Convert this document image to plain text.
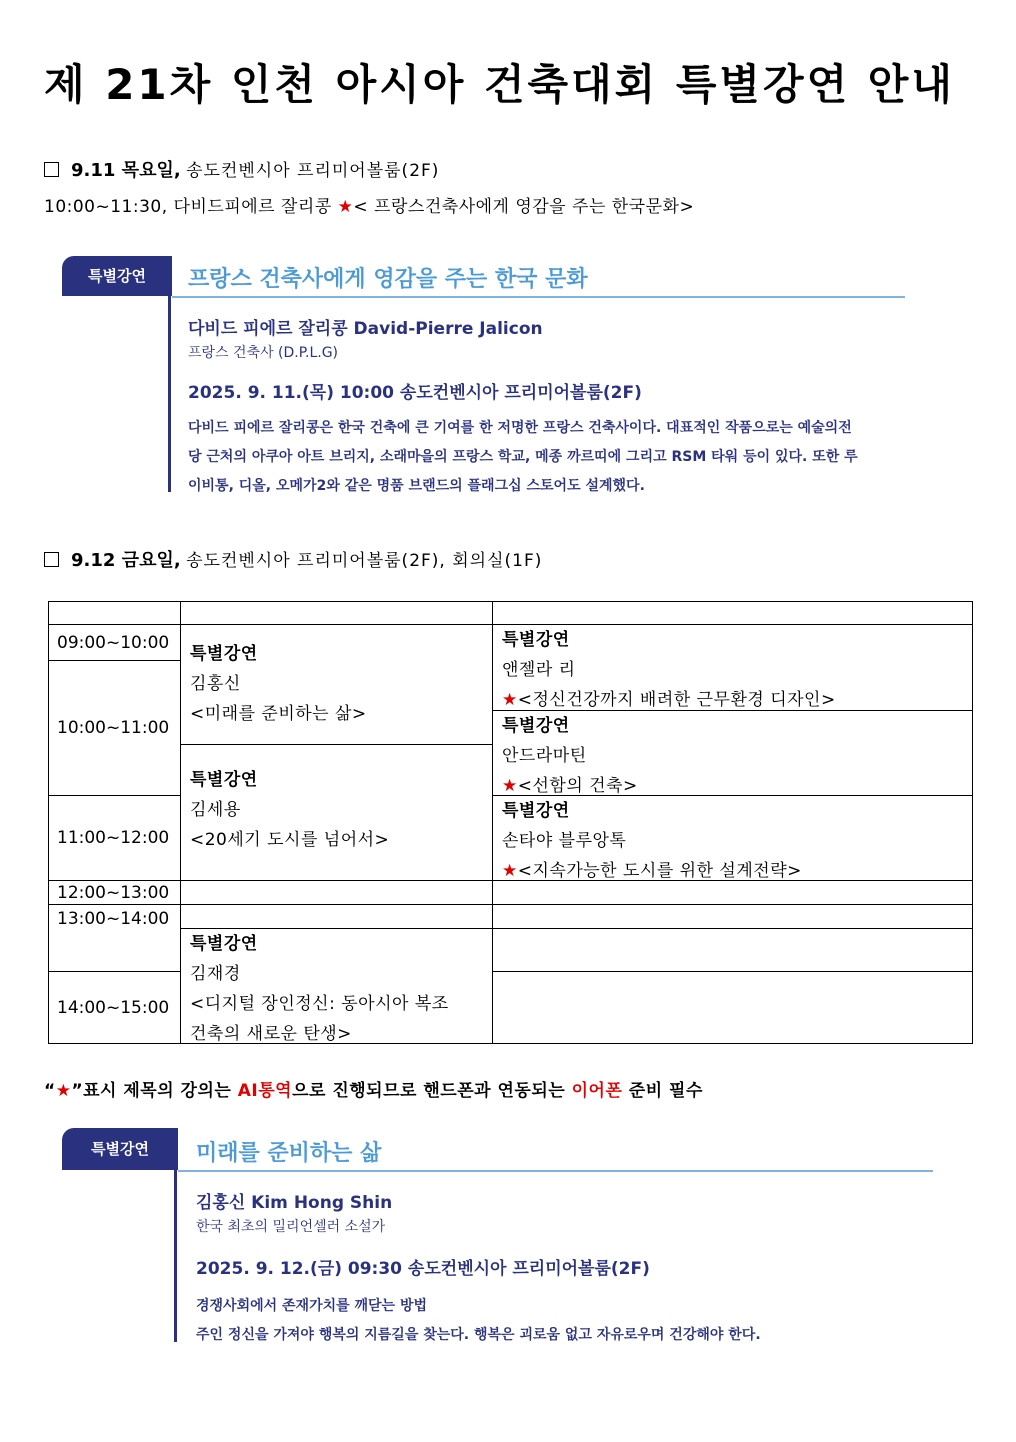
제 21차 인천 아시아 건축대회 특별강연 안내
9.11 목요일, 송도컨벤시아 프리미어볼룸(2F)
10:00~11:30, 다비드피에르 잘리콩 ★< 프랑스건축사에게 영감을 주는 한국문화>
특별강연	프랑스 건축사에게 영감을 주는 한국 문화
다비드 피에르 잘리콩 David-Pierre Jalicon
프랑스 건축사 (D.P.L.G)
2025. 9. 11.(목) 10:00 송도컨벤시아 프리미어볼룸(2F)
다비드 피에르 잘리콩은 한국 건축에 큰 기여를 한 저명한 프랑스 건축사이다. 대표적인 작품으로는 예술의전
당 근처의 아쿠아 아트 브리지, 소래마을의 프랑스 학교, 메종 까르띠에 그리고 RSM 타워 등이 있다. 또한 루
이비통, 디올, 오메가2와 같은 명품 브랜드의 플래그십 스토어도 설계했다.
9.12 금요일, 송도컨벤시아 프리미어볼룸(2F), 회의실(1F)
09:00~10:00
10:00~11:00
11:00~12:00
12:00~13:00
13:00~14:00
14:00~15:00
특별강연
김홍신
<미래를 준비하는 삶>
특별강연
김세용
<20세기 도시를 넘어서>
특별강연
김재경
<디지털 장인정신: 동아시아 복조
건축의 새로운 탄생>
특별강연
앤젤라 리
★<정신건강까지 배려한 근무환경 디자인>
특별강연
안드라마틴
★<선함의 건축>
특별강연
손타야 블루앙톡
★<지속가능한 도시를 위한 설계전략>
“★”표시 제목의 강의는 AI통역으로 진행되므로 핸드폰과 연동되는 이어폰 준비 필수
특별강연	미래를 준비하는 삶
김홍신 Kim Hong Shin
한국 최초의 밀리언셀러 소설가
2025. 9. 12.(금) 09:30 송도컨벤시아 프리미어볼룸(2F)
경쟁사회에서 존재가치를 깨닫는 방법
주인 정신을 가져야 행복의 지름길을 찾는다. 행복은 괴로움 없고 자유로우며 건강해야 한다.
